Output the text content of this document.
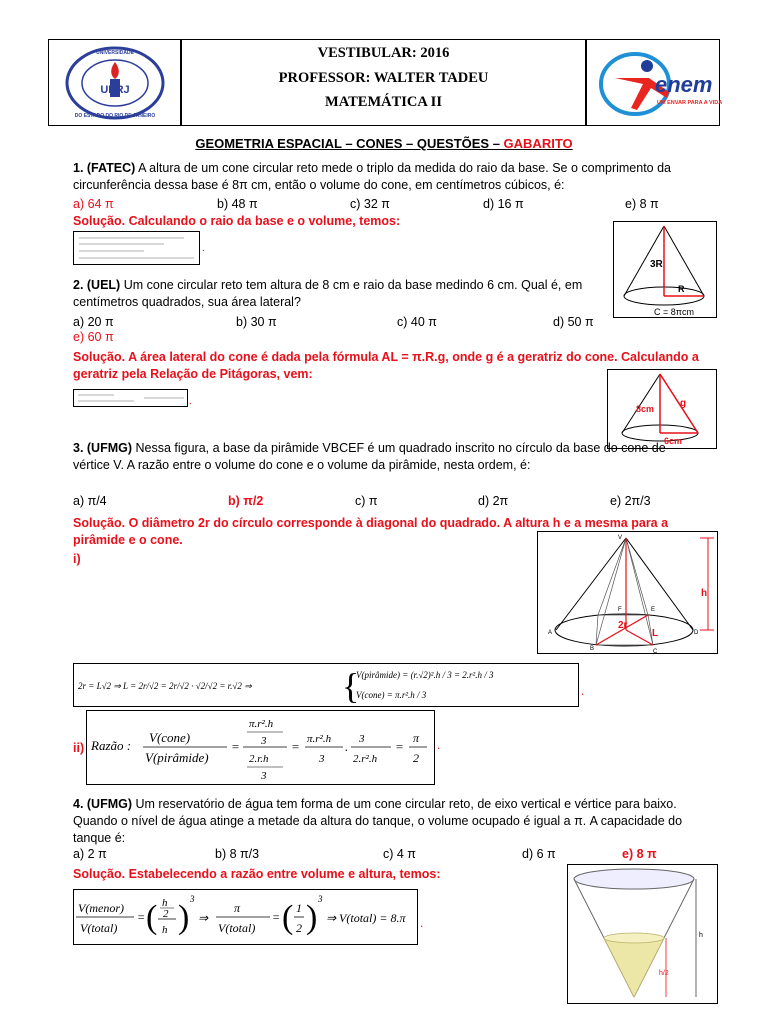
UERJ
UNIVERSIDADE
DO ESTADO DO RIO DE JANEIRO
VESTIBULAR: 2016
PROFESSOR: WALTER TADEU
MATEMÁTICA II
enem
UM ENVAR PARA A VIDA
GEOMETRIA ESPACIAL – CONES – QUESTÕES – GABARITO
1. (FATEC) A altura de um cone circular reto mede o triplo da medida do raio da base. Se o comprimento da circunferência dessa base é 8π cm, então o volume do cone, em centímetros cúbicos, é:
a) 64 π	b) 48 π	c) 32 π	d) 16 π	e) 8 π
Solução. Calculando o raio da base e o volume, temos:
.
3R
R
C = 8πcm
2. (UEL) Um cone circular reto tem altura de 8 cm e raio da base medindo 6 cm. Qual é, em centímetros quadrados, sua área lateral?
a) 20 π	b) 30 π	c) 40 π	d) 50 π
e) 60 π
Solução. A área lateral do cone é dada pela fórmula AL = π.R.g, onde g é a geratriz do cone. Calculando a geratriz pela Relação de Pitágoras, vem:
.
8cm	g
6cm
3. (UFMG) Nessa figura, a base da pirâmide VBCEF é um quadrado inscrito no círculo da base do cone de vértice V. A razão entre o volume do cone e o volume da pirâmide, nesta ordem, é:
a) π/4	b) π/2	c) π	d) 2π	e) 2π/3
Solução. O diâmetro 2r do círculo corresponde à diagonal do quadrado. A altura h e a mesma para a pirâmide e o cone.
i)
V
F	E
A	D
B	C
h
2r
L
2r = L√2 ⇒ L = 2r/√2 = 2r/√2 · √2/√2 = r.√2 ⇒	{
V(pirâmide) = (r.√2)².h / 3 = 2.r².h / 3
V(cone) = π.r².h / 3	.
ii) Razão :
V(cone)
V(pirâmide)
=
π.r².h
3
2.r.h
3
= π.r².h
3
. 3
2.r².h
=
π
2
.
4. (UFMG) Um reservatório de água tem forma de um cone circular reto, de eixo vertical e vértice para baixo. Quando o nível de água atinge a metade da altura do tanque, o volume ocupado é igual a π. A capacidade do tanque é:
a) 2 π	b) 8 π/3	c) 4 π	d) 6 π	e) 8 π
Solução. Estabelecendo a razão entre volume e altura, temos:
V(menor)
V(total)
= ( h
2
h ) 3
⇒
π
V(total)
= ( 1
2 ) 3
⇒ V(total) = 8.π .
h
h/2
